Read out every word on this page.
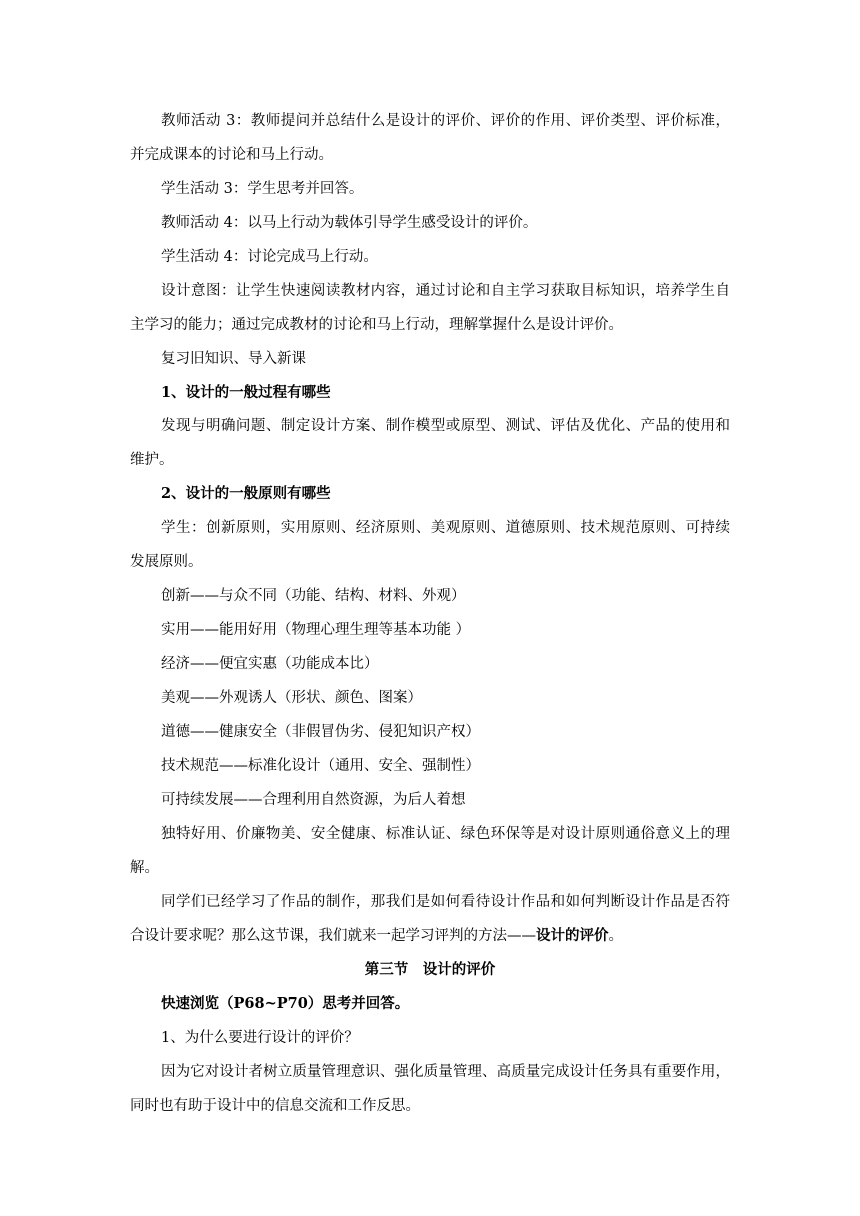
教师活动 3：教师提问并总结什么是设计的评价、评价的作用、评价类型、评价标准，
并完成课本的讨论和马上行动。
学生活动 3：学生思考并回答。
教师活动 4：以马上行动为载体引导学生感受设计的评价。
学生活动 4：讨论完成马上行动。
设计意图：让学生快速阅读教材内容，通过讨论和自主学习获取目标知识，培养学生自
主学习的能力；通过完成教材的讨论和马上行动，理解掌握什么是设计评价。
复习旧知识、导入新课
1、设计的一般过程有哪些
发现与明确问题、制定设计方案、制作模型或原型、测试、评估及优化、产品的使用和
维护。
2、设计的一般原则有哪些
学生：创新原则，实用原则、经济原则、美观原则、道德原则、技术规范原则、可持续
发展原则。
创新——与众不同（功能、结构、材料、外观）
实用——能用好用（物理心理生理等基本功能 ）
经济——便宜实惠（功能成本比）
美观——外观诱人（形状、颜色、图案）
道德——健康安全（非假冒伪劣、侵犯知识产权）
技术规范——标准化设计（通用、安全、强制性）
可持续发展——合理利用自然资源，为后人着想
独特好用、价廉物美、安全健康、标准认证、绿色环保等是对设计原则通俗意义上的理
解。
同学们已经学习了作品的制作，那我们是如何看待设计作品和如何判断设计作品是否符
合设计要求呢？那么这节课，我们就来一起学习评判的方法——设计的评价。
第三节　设计的评价
快速浏览（P68~P70）思考并回答。
1、为什么要进行设计的评价？
因为它对设计者树立质量管理意识、强化质量管理、高质量完成设计任务具有重要作用，
同时也有助于设计中的信息交流和工作反思。
